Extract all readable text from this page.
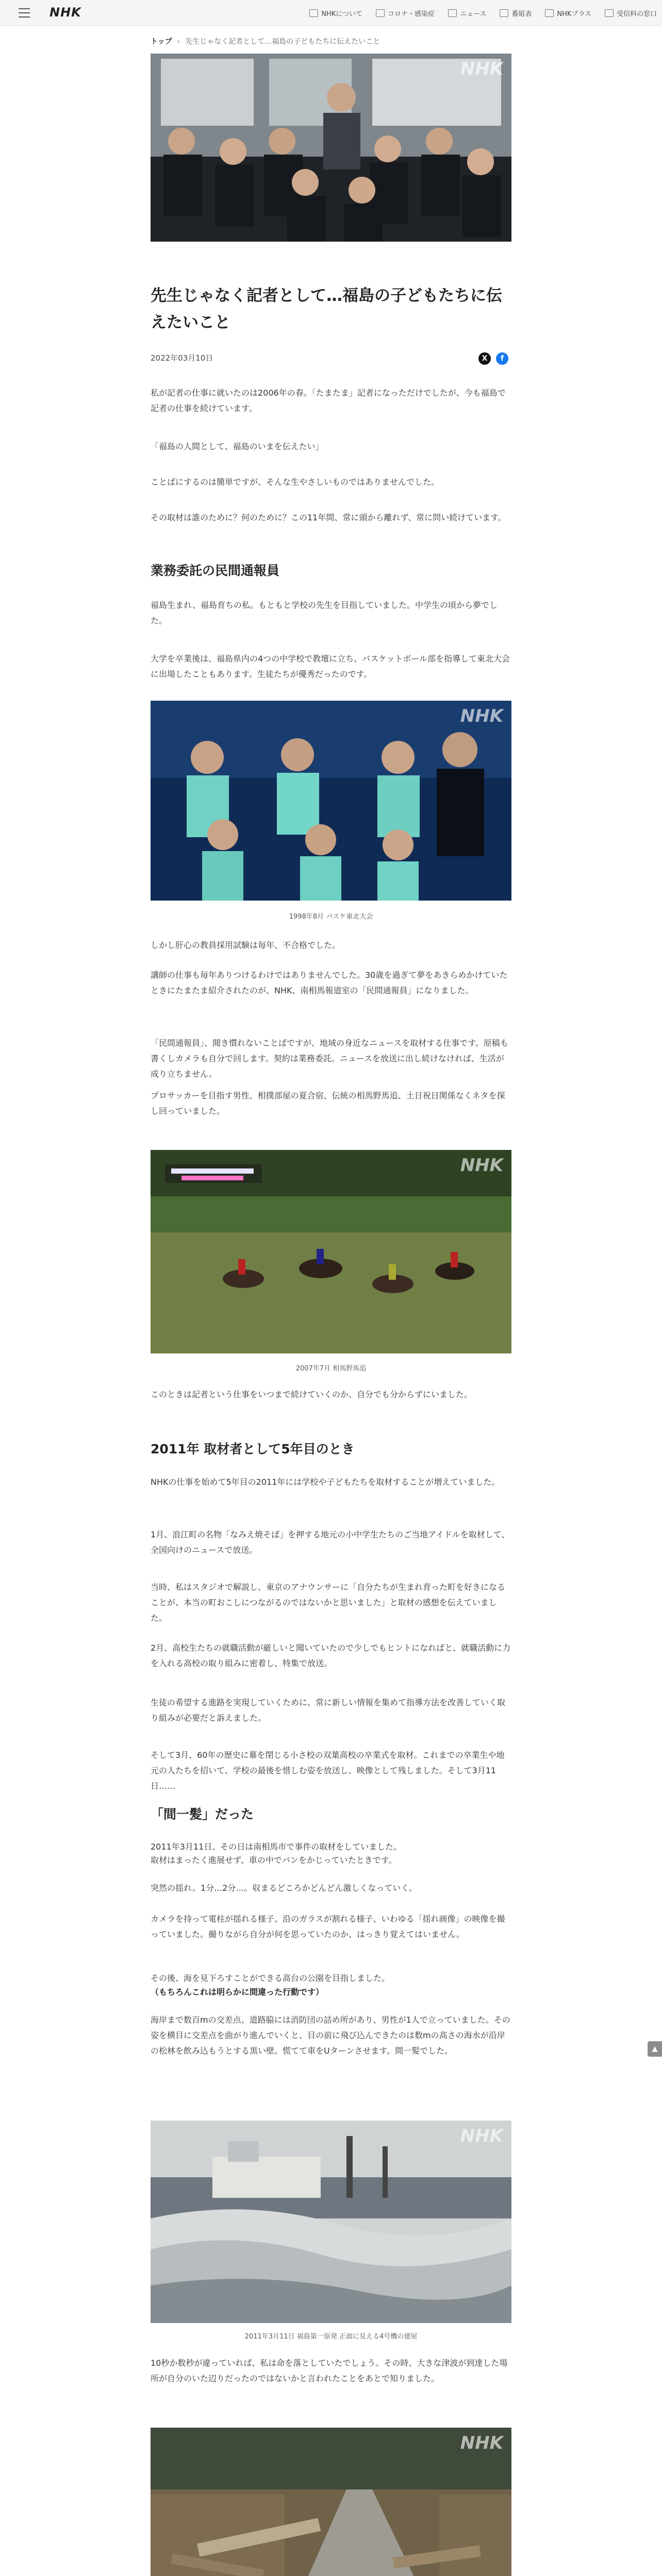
NHK	NHKについて	コロナ・感染症	ニュース	番組表	NHKプラス	受信料の窓口
トップ › 先生じゃなく記者として…福島の子どもたちに伝えたいこと
NHK
先生じゃなく記者として…福島の子どもたちに伝えたいこと
2022年03月10日	X	f

私が記者の仕事に就いたのは2006年の春。「たまたま」記者になっただけでしたが、今も福島で記者の仕事を続けています。

「福島の人間として、福島のいまを伝えたい」

ことばにするのは簡単ですが、そんな生やさしいものではありませんでした。

その取材は誰のために？何のために？この11年間、常に頭から離れず、常に問い続けています。

業務委託の民間通報員

福島生まれ、福島育ちの私。もともと学校の先生を目指していました。中学生の頃から夢でした。

大学を卒業後は、福島県内の4つの中学校で教壇に立ち、バスケットボール部を指導して東北大会に出場したこともあります。生徒たちが優秀だったのです。

NHK
1998年8月 バスケ東北大会

しかし肝心の教員採用試験は毎年、不合格でした。

講師の仕事も毎年ありつけるわけではありませんでした。30歳を過ぎて夢をあきらめかけていたときにたまたま紹介されたのが、NHK、南相馬報道室の「民間通報員」になりました。

「民間通報員」、聞き慣れないことばですが、地域の身近なニュースを取材する仕事です。原稿も書くしカメラも自分で回します。契約は業務委託。ニュースを放送に出し続けなければ、生活が成り立ちません。

プロサッカーを目指す男性、相撲部屋の夏合宿、伝統の相馬野馬追、土日祝日関係なくネタを探し回っていました。

NHK
2007年7月 相馬野馬追

このときは記者という仕事をいつまで続けていくのか、自分でも分からずにいました。

2011年 取材者として5年目のとき

NHKの仕事を始めて5年目の2011年には学校や子どもたちを取材することが増えていました。

1月、浪江町の名物「なみえ焼そば」を押する地元の小中学生たちのご当地アイドルを取材して、全国向けのニュースで放送。

当時、私はスタジオで解説し、東京のアナウンサーに「自分たちが生まれ育った町を好きになることが、本当の町おこしにつながるのではないかと思いました」と取材の感想を伝えていました。

2月、高校生たちの就職活動が厳しいと聞いていたので少しでもヒントになればと、就職活動に力を入れる高校の取り組みに密着し、特集で放送。

生徒の希望する進路を実現していくために、常に新しい情報を集めて指導方法を改善していく取り組みが必要だと訴えました。

そして3月、60年の歴史に幕を閉じる小さ校の双葉高校の卒業式を取材。これまでの卒業生や地元の人たちを招いて、学校の最後を惜しむ姿を放送し、映像として残しました。そして3月11日……

「間一髪」だった

2011年3月11日、その日は南相馬市で事件の取材をしていました。

取材はまったく進展せず、車の中でパンをかじっていたときです。

突然の揺れ。1分…2分…。収まるどころかどんどん激しくなっていく。

カメラを持って電柱が揺れる様子、沿のガラスが割れる様子、いわゆる「揺れ画像」の映像を撮っていました。撮りながら自分が何を思っていたのか、はっきり覚えてはいません。

その後、海を見下ろすことができる高台の公園を目指しました。

（もちろんこれは明らかに間違った行動です）

海岸まで数百mの交差点、道路脇には消防団の詰め所があり、男性が1人で立っていました。その姿を横目に交差点を曲がり進んでいくと、目の前に飛び込んできたのは数mの高さの海水が沿岸の松林を飲み込もうとする黒い壁。慌てて車をUターンさせます。間一髪でした。

NHK
2011年3月11日 福島第一原発 正面に見える4号機の建屋

10秒か数秒が違っていれば、私は命を落としていたでしょう。その時、大きな津波が到達した場所が自分のいた辺りだったのではないかと言われたことをあとで知りました。

NHK

▲
